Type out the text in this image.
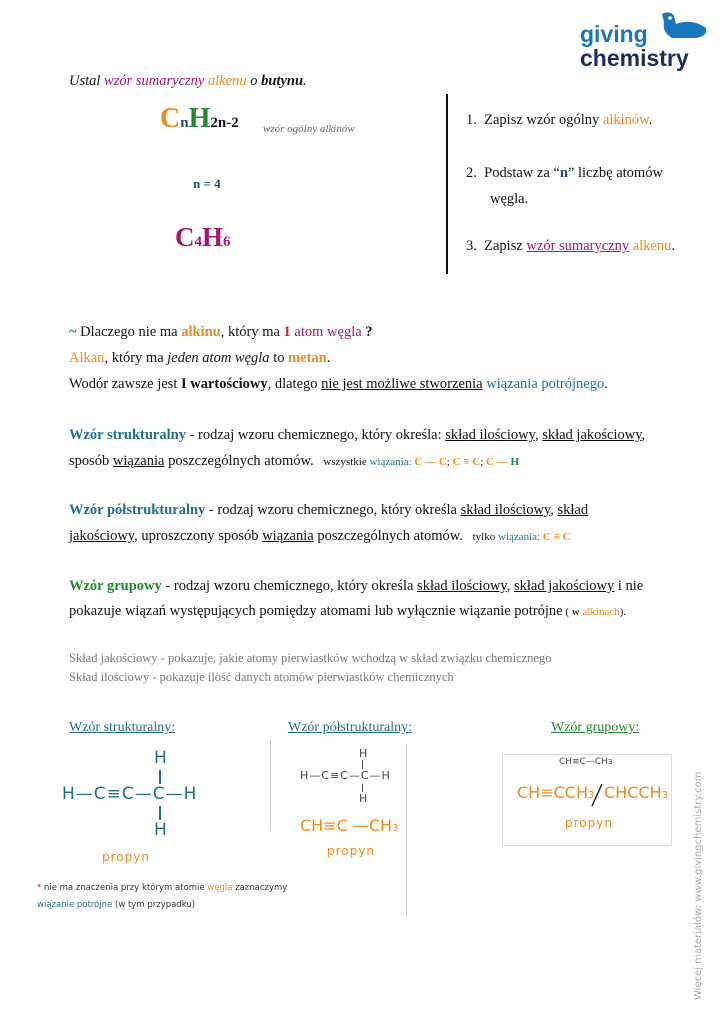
giving
chemistry
Ustal wzór sumaryczny alkenu o butynu.
CnH2n-2 wzór ogólny alkinów
n = 4
C4H6
1. Zapisz wzór ogólny alkinów.
2. Podstaw za “n” liczbę atomów
węgla.
3. Zapisz wzór sumaryczny alkenu.
~ Dlaczego nie ma alkinu, który ma 1 atom węgla ?
Alkan, który ma jeden atom węgla to metan.
Wodór zawsze jest I wartościowy, dlatego nie jest możliwe stworzenia wiązania potrójnego.
Wzór strukturalny - rodzaj wzoru chemicznego, który określa: skład ilościowy, skład jakościowy,
sposób wiązania poszczególnych atomów. wszystkie wiązania: C — C; C ≡ C; C — H
Wzór półstrukturalny - rodzaj wzoru chemicznego, który określa skład ilościowy, skład
jakościowy, uproszczony sposób wiązania poszczególnych atomów. tylko wiązania: C ≡ C
Wzór grupowy - rodzaj wzoru chemicznego, który określa skład ilościowy, skład jakościowy i nie
pokazuje wiązań występujących pomiędzy atomami lub wyłącznie wiązanie potrójne ( w alkinach).
Skład jakościowy - pokazuje, jakie atomy pierwiastków wchodzą w skład związku chemicznego
Skład ilościowy - pokazuje ilość danych atomów pierwiastków chemicznych
Wzór strukturalny:	Wzór półstrukturalny:	Wzór grupowy:
H
H—C≡C—C—H
H
propyn
H
H—C≡C—C—H
H
CH≡C —CH3
propyn
CH≡C—CH3
CH≡CCH3 CHCCH3
propyn
* nie ma znaczenia przy którym atomie węgla zaznaczymy
wiązanie potrójne (w tym przypadku)	Więcej materiałów: www.givingchemistry.com
